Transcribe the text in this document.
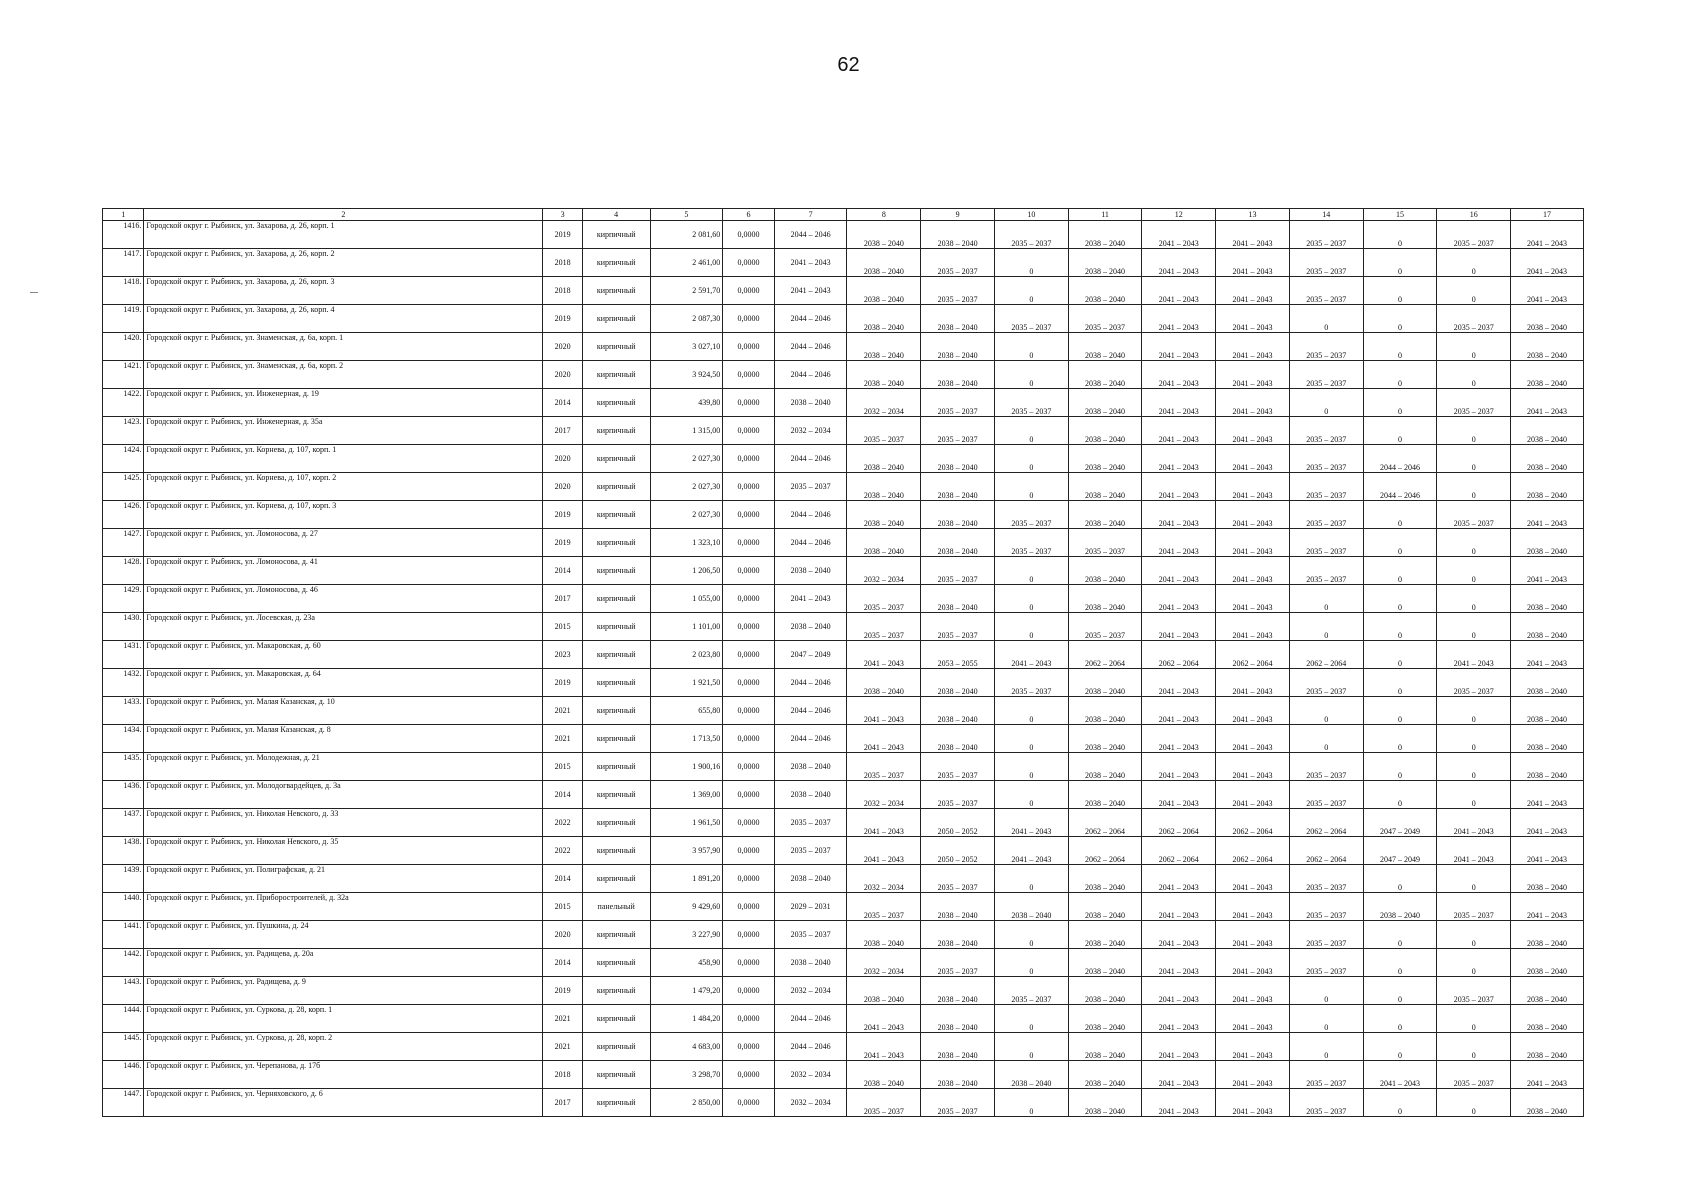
62
1	2	3	4	5	6	7	8	9	10	11	12	13	14	15	16	17
1416.	Городской округ г. Рыбинск, ул. Захарова, д. 26, корп. 1	2019	кирпичный	2 081,60	0,0000	2044 – 2046	2038 – 2040	2038 – 2040	2035 – 2037	2038 – 2040	2041 – 2043	2041 – 2043	2035 – 2037	0	2035 – 2037	2041 – 2043
1417.	Городской округ г. Рыбинск, ул. Захарова, д. 26, корп. 2	2018	кирпичный	2 461,00	0,0000	2041 – 2043	2038 – 2040	2035 – 2037	0	2038 – 2040	2041 – 2043	2041 – 2043	2035 – 2037	0	0	2041 – 2043
1418.	Городской округ г. Рыбинск, ул. Захарова, д. 26, корп. 3	2018	кирпичный	2 591,70	0,0000	2041 – 2043	2038 – 2040	2035 – 2037	0	2038 – 2040	2041 – 2043	2041 – 2043	2035 – 2037	0	0	2041 – 2043
1419.	Городской округ г. Рыбинск, ул. Захарова, д. 26, корп. 4	2019	кирпичный	2 087,30	0,0000	2044 – 2046	2038 – 2040	2038 – 2040	2035 – 2037	2035 – 2037	2041 – 2043	2041 – 2043	0	0	2035 – 2037	2038 – 2040
1420.	Городской округ г. Рыбинск, ул. Знаменская, д. 6а, корп. 1	2020	кирпичный	3 027,10	0,0000	2044 – 2046	2038 – 2040	2038 – 2040	0	2038 – 2040	2041 – 2043	2041 – 2043	2035 – 2037	0	0	2038 – 2040
1421.	Городской округ г. Рыбинск, ул. Знаменская, д. 6а, корп. 2	2020	кирпичный	3 924,50	0,0000	2044 – 2046	2038 – 2040	2038 – 2040	0	2038 – 2040	2041 – 2043	2041 – 2043	2035 – 2037	0	0	2038 – 2040
1422.	Городской округ г. Рыбинск, ул. Инженерная, д. 19	2014	кирпичный	439,80	0,0000	2038 – 2040	2032 – 2034	2035 – 2037	2035 – 2037	2038 – 2040	2041 – 2043	2041 – 2043	0	0	2035 – 2037	2041 – 2043
1423.	Городской округ г. Рыбинск, ул. Инженерная, д. 35а	2017	кирпичный	1 315,00	0,0000	2032 – 2034	2035 – 2037	2035 – 2037	0	2038 – 2040	2041 – 2043	2041 – 2043	2035 – 2037	0	0	2038 – 2040
1424.	Городской округ г. Рыбинск, ул. Корнева, д. 107, корп. 1	2020	кирпичный	2 027,30	0,0000	2044 – 2046	2038 – 2040	2038 – 2040	0	2038 – 2040	2041 – 2043	2041 – 2043	2035 – 2037	2044 – 2046	0	2038 – 2040
1425.	Городской округ г. Рыбинск, ул. Корнева, д. 107, корп. 2	2020	кирпичный	2 027,30	0,0000	2035 – 2037	2038 – 2040	2038 – 2040	0	2038 – 2040	2041 – 2043	2041 – 2043	2035 – 2037	2044 – 2046	0	2038 – 2040
1426.	Городской округ г. Рыбинск, ул. Корнева, д. 107, корп. 3	2019	кирпичный	2 027,30	0,0000	2044 – 2046	2038 – 2040	2038 – 2040	2035 – 2037	2038 – 2040	2041 – 2043	2041 – 2043	2035 – 2037	0	2035 – 2037	2041 – 2043
1427.	Городской округ г. Рыбинск, ул. Ломоносова, д. 27	2019	кирпичный	1 323,10	0,0000	2044 – 2046	2038 – 2040	2038 – 2040	2035 – 2037	2035 – 2037	2041 – 2043	2041 – 2043	2035 – 2037	0	0	2038 – 2040
1428.	Городской округ г. Рыбинск, ул. Ломоносова, д. 41	2014	кирпичный	1 206,50	0,0000	2038 – 2040	2032 – 2034	2035 – 2037	0	2038 – 2040	2041 – 2043	2041 – 2043	2035 – 2037	0	0	2041 – 2043
1429.	Городской округ г. Рыбинск, ул. Ломоносова, д. 46	2017	кирпичный	1 055,00	0,0000	2041 – 2043	2035 – 2037	2038 – 2040	0	2038 – 2040	2041 – 2043	2041 – 2043	0	0	0	2038 – 2040
1430.	Городской округ г. Рыбинск, ул. Лосевская, д. 23а	2015	кирпичный	1 101,00	0,0000	2038 – 2040	2035 – 2037	2035 – 2037	0	2035 – 2037	2041 – 2043	2041 – 2043	0	0	0	2038 – 2040
1431.	Городской округ г. Рыбинск, ул. Макаровская, д. 60	2023	кирпичный	2 023,80	0,0000	2047 – 2049	2041 – 2043	2053 – 2055	2041 – 2043	2062 – 2064	2062 – 2064	2062 – 2064	2062 – 2064	0	2041 – 2043	2041 – 2043
1432.	Городской округ г. Рыбинск, ул. Макаровская, д. 64	2019	кирпичный	1 921,50	0,0000	2044 – 2046	2038 – 2040	2038 – 2040	2035 – 2037	2038 – 2040	2041 – 2043	2041 – 2043	2035 – 2037	0	2035 – 2037	2038 – 2040
1433.	Городской округ г. Рыбинск, ул. Малая Казанская, д. 10	2021	кирпичный	655,80	0,0000	2044 – 2046	2041 – 2043	2038 – 2040	0	2038 – 2040	2041 – 2043	2041 – 2043	0	0	0	2038 – 2040
1434.	Городской округ г. Рыбинск, ул. Малая Казанская, д. 8	2021	кирпичный	1 713,50	0,0000	2044 – 2046	2041 – 2043	2038 – 2040	0	2038 – 2040	2041 – 2043	2041 – 2043	0	0	0	2038 – 2040
1435.	Городской округ г. Рыбинск, ул. Молодежная, д. 21	2015	кирпичный	1 900,16	0,0000	2038 – 2040	2035 – 2037	2035 – 2037	0	2038 – 2040	2041 – 2043	2041 – 2043	2035 – 2037	0	0	2038 – 2040
1436.	Городской округ г. Рыбинск, ул. Молодогвардейцев, д. 3а	2014	кирпичный	1 369,00	0,0000	2038 – 2040	2032 – 2034	2035 – 2037	0	2038 – 2040	2041 – 2043	2041 – 2043	2035 – 2037	0	0	2041 – 2043
1437.	Городской округ г. Рыбинск, ул. Николая Невского, д. 33	2022	кирпичный	1 961,50	0,0000	2035 – 2037	2041 – 2043	2050 – 2052	2041 – 2043	2062 – 2064	2062 – 2064	2062 – 2064	2062 – 2064	2047 – 2049	2041 – 2043	2041 – 2043
1438.	Городской округ г. Рыбинск, ул. Николая Невского, д. 35	2022	кирпичный	3 957,90	0,0000	2035 – 2037	2041 – 2043	2050 – 2052	2041 – 2043	2062 – 2064	2062 – 2064	2062 – 2064	2062 – 2064	2047 – 2049	2041 – 2043	2041 – 2043
1439.	Городской округ г. Рыбинск, ул. Полиграфская, д. 21	2014	кирпичный	1 891,20	0,0000	2038 – 2040	2032 – 2034	2035 – 2037	0	2038 – 2040	2041 – 2043	2041 – 2043	2035 – 2037	0	0	2038 – 2040
1440.	Городской округ г. Рыбинск, ул. Приборостроителей, д. 32а	2015	панельный	9 429,60	0,0000	2029 – 2031	2035 – 2037	2038 – 2040	2038 – 2040	2038 – 2040	2041 – 2043	2041 – 2043	2035 – 2037	2038 – 2040	2035 – 2037	2041 – 2043
1441.	Городской округ г. Рыбинск, ул. Пушкина, д. 24	2020	кирпичный	3 227,90	0,0000	2035 – 2037	2038 – 2040	2038 – 2040	0	2038 – 2040	2041 – 2043	2041 – 2043	2035 – 2037	0	0	2038 – 2040
1442.	Городской округ г. Рыбинск, ул. Радищева, д. 20а	2014	кирпичный	458,90	0,0000	2038 – 2040	2032 – 2034	2035 – 2037	0	2038 – 2040	2041 – 2043	2041 – 2043	2035 – 2037	0	0	2038 – 2040
1443.	Городской округ г. Рыбинск, ул. Радищева, д. 9	2019	кирпичный	1 479,20	0,0000	2032 – 2034	2038 – 2040	2038 – 2040	2035 – 2037	2038 – 2040	2041 – 2043	2041 – 2043	0	0	2035 – 2037	2038 – 2040
1444.	Городской округ г. Рыбинск, ул. Суркова, д. 28, корп. 1	2021	кирпичный	1 484,20	0,0000	2044 – 2046	2041 – 2043	2038 – 2040	0	2038 – 2040	2041 – 2043	2041 – 2043	0	0	0	2038 – 2040
1445.	Городской округ г. Рыбинск, ул. Суркова, д. 28, корп. 2	2021	кирпичный	4 683,00	0,0000	2044 – 2046	2041 – 2043	2038 – 2040	0	2038 – 2040	2041 – 2043	2041 – 2043	0	0	0	2038 – 2040
1446.	Городской округ г. Рыбинск, ул. Черепанова, д. 17б	2018	кирпичный	3 298,70	0,0000	2032 – 2034	2038 – 2040	2038 – 2040	2038 – 2040	2038 – 2040	2041 – 2043	2041 – 2043	2035 – 2037	2041 – 2043	2035 – 2037	2041 – 2043
1447.	Городской округ г. Рыбинск, ул. Черняховского, д. 6	2017	кирпичный	2 850,00	0,0000	2032 – 2034	2035 – 2037	2035 – 2037	0	2038 – 2040	2041 – 2043	2041 – 2043	2035 – 2037	0	0	2038 – 2040
